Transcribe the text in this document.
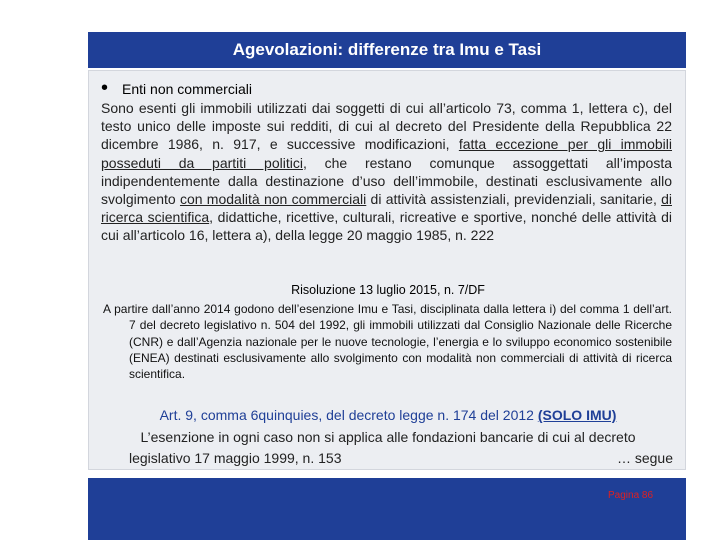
Agevolazioni: differenze tra Imu e Tasi
• Enti non commerciali

Sono esenti gli immobili utilizzati dai soggetti di cui all’articolo 73, comma 1, lettera c), del testo unico delle imposte sui redditi, di cui al decreto del Presidente della Repubblica 22 dicembre 1986, n. 917, e successive modificazioni, fatta eccezione per gli immobili posseduti da partiti politici, che restano comunque assoggettati all’imposta indipendentemente dalla destinazione d’uso dell’immobile, destinati esclusivamente allo svolgimento con modalità non commerciali di attività assistenziali, previdenziali, sanitarie, di ricerca scientifica, didattiche, ricettive, culturali, ricreative e sportive, nonché delle attività di cui all’articolo 16, lettera a), della legge 20 maggio 1985, n. 222

Risoluzione 13 luglio 2015, n. 7/DF

A partire dall’anno 2014 godono dell’esenzione Imu e Tasi, disciplinata dalla lettera i) del comma 1 dell’art. 7 del decreto legislativo n. 504 del 1992, gli immobili utilizzati dal Consiglio Nazionale delle Ricerche (CNR) e dall’Agenzia nazionale per le nuove tecnologie, l’energia e lo sviluppo economico sostenibile (ENEA) destinati esclusivamente allo svolgimento con modalità non commerciali di attività di ricerca scientifica.

Art. 9, comma 6quinquies, del decreto legge n. 174 del 2012 (SOLO IMU)
L’esenzione in ogni caso non si applica alle fondazioni bancarie di cui al decreto
legislativo 17 maggio 1999, n. 153	… segue
Pagina 86
